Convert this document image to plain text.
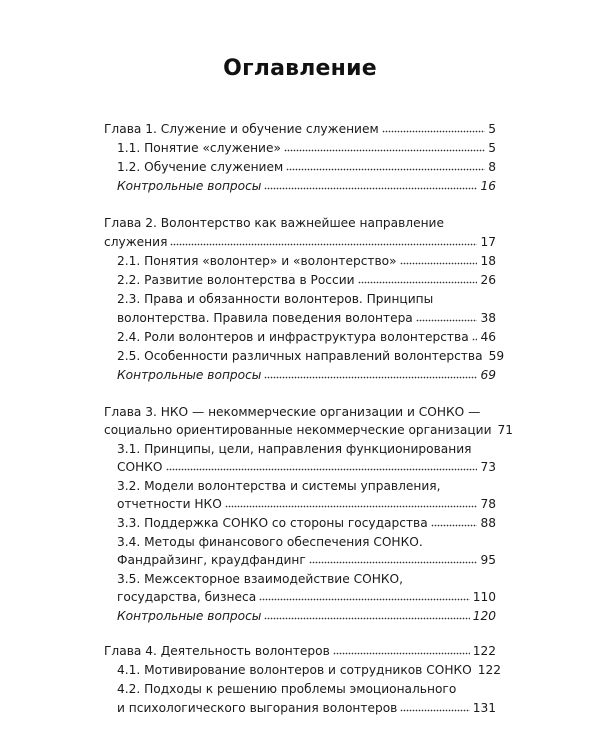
Оглавление
Глава 1. Служение и обучение служением	5
1.1. Понятие «служение»	5
1.2. Обучение служением	8
Контрольные вопросы	16
Глава 2. Волонтерство как важнейшее направление
служения	17
2.1. Понятия «волонтер» и «волонтерство»	18
2.2. Развитие волонтерства в России	26
2.3. Права и обязанности волонтеров. Принципы
волонтерства. Правила поведения волонтера	38
2.4. Роли волонтеров и инфраструктура волонтерства 46
2.5. Особенности различных направлений волонтерства 59
Контрольные вопросы	69
Глава 3. НКО — некоммерческие организации и СОНКО —
социально ориентированные некоммерческие организации 71
3.1. Принципы, цели, направления функционирования
СОНКО	73
3.2. Модели волонтерства и системы управления,
отчетности НКО	78
3.3. Поддержка СОНКО со стороны государства	88
3.4. Методы финансового обеспечения СОНКО.
Фандрайзинг, краудфандинг	95
3.5. Межсекторное взаимодействие СОНКО,
государства, бизнеса	110
Контрольные вопросы	120
Глава 4. Деятельность волонтеров	122
4.1. Мотивирование волонтеров и сотрудников СОНКО 122
4.2. Подходы к решению проблемы эмоционального
и психологического выгорания волонтеров	131
